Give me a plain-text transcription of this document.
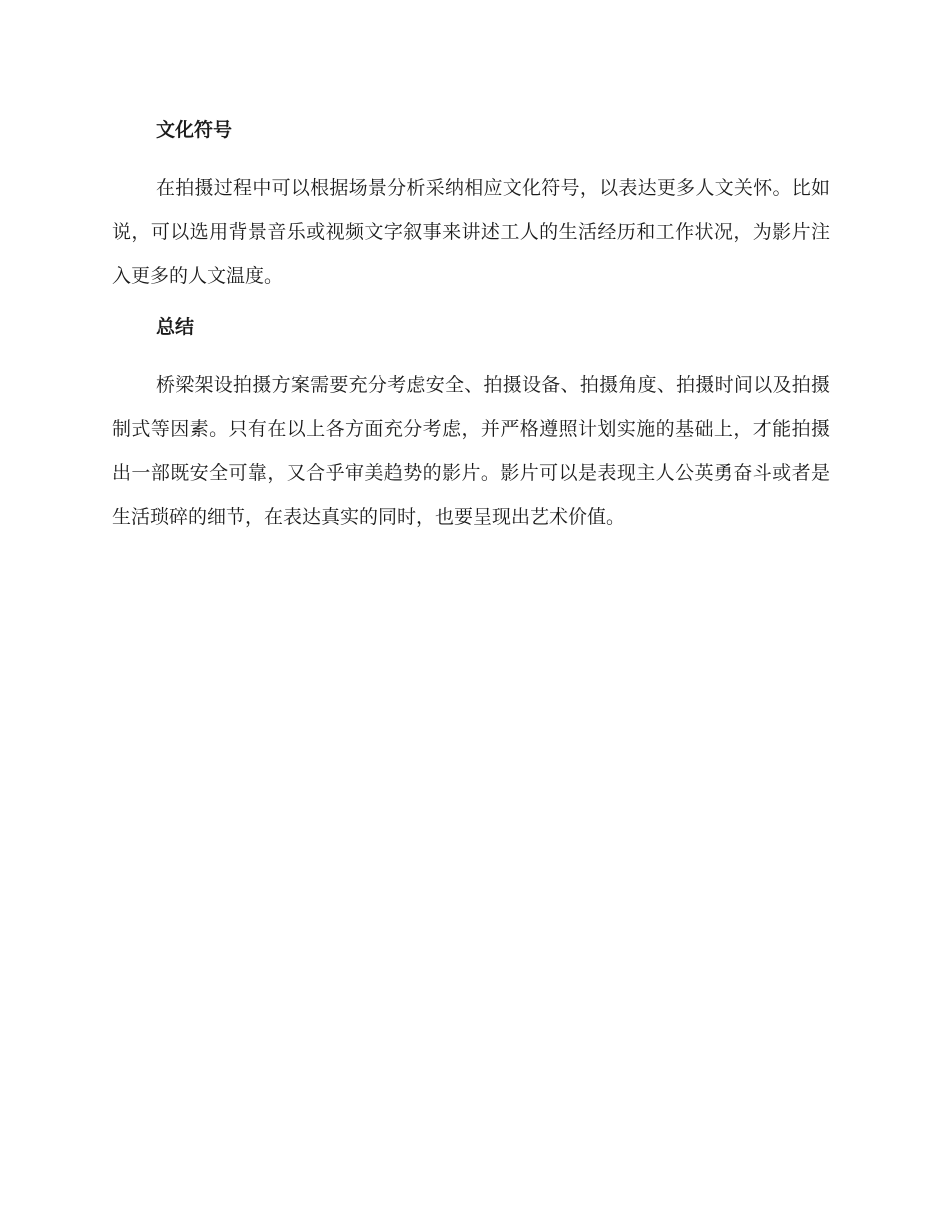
文化符号

在拍摄过程中可以根据场景分析采纳相应文化符号，以表达更多人文关怀。比如说，可以选用背景音乐或视频文字叙事来讲述工人的生活经历和工作状况，为影片注入更多的人文温度。

总结

桥梁架设拍摄方案需要充分考虑安全、拍摄设备、拍摄角度、拍摄时间以及拍摄制式等因素。只有在以上各方面充分考虑，并严格遵照计划实施的基础上，才能拍摄出一部既安全可靠，又合乎审美趋势的影片。影片可以是表现主人公英勇奋斗或者是生活琐碎的细节，在表达真实的同时，也要呈现出艺术价值。
